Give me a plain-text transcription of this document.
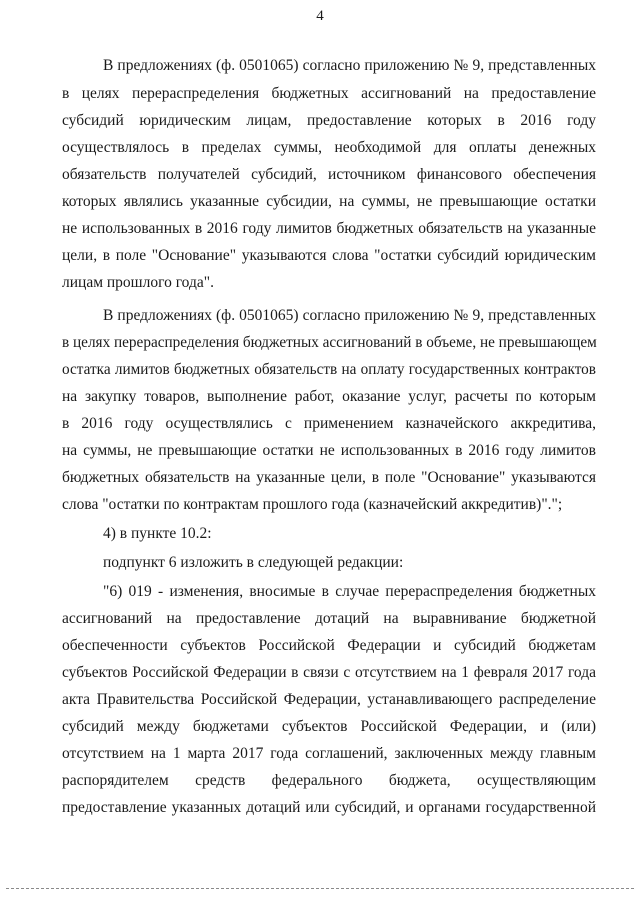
4
В предложениях (ф. 0501065) согласно приложению № 9, представленных
в целях перераспределения бюджетных ассигнований на предоставление
субсидий юридическим лицам, предоставление которых в 2016 году
осуществлялось в пределах суммы, необходимой для оплаты денежных
обязательств получателей субсидий, источником финансового обеспечения
которых являлись указанные субсидии, на суммы, не превышающие остатки
не использованных в 2016 году лимитов бюджетных обязательств на указанные
цели, в поле "Основание" указываются слова "остатки субсидий юридическим
лицам прошлого года".
В предложениях (ф. 0501065) согласно приложению № 9, представленных
в целях перераспределения бюджетных ассигнований в объеме, не превышающем
остатка лимитов бюджетных обязательств на оплату государственных контрактов
на закупку товаров, выполнение работ, оказание услуг, расчеты по которым
в 2016 году осуществлялись с применением казначейского аккредитива,
на суммы, не превышающие остатки не использованных в 2016 году лимитов
бюджетных обязательств на указанные цели, в поле "Основание" указываются
слова "остатки по контрактам прошлого года (казначейский аккредитив)".";
4) в пункте 10.2:
подпункт 6 изложить в следующей редакции:
"6) 019 - изменения, вносимые в случае перераспределения бюджетных
ассигнований на предоставление дотаций на выравнивание бюджетной
обеспеченности субъектов Российской Федерации и субсидий бюджетам
субъектов Российской Федерации в связи с отсутствием на 1 февраля 2017 года
акта Правительства Российской Федерации, устанавливающего распределение
субсидий между бюджетами субъектов Российской Федерации, и (или)
отсутствием на 1 марта 2017 года соглашений, заключенных между главным
распорядителем средств федерального бюджета, осуществляющим
предоставление указанных дотаций или субсидий, и органами государственной
